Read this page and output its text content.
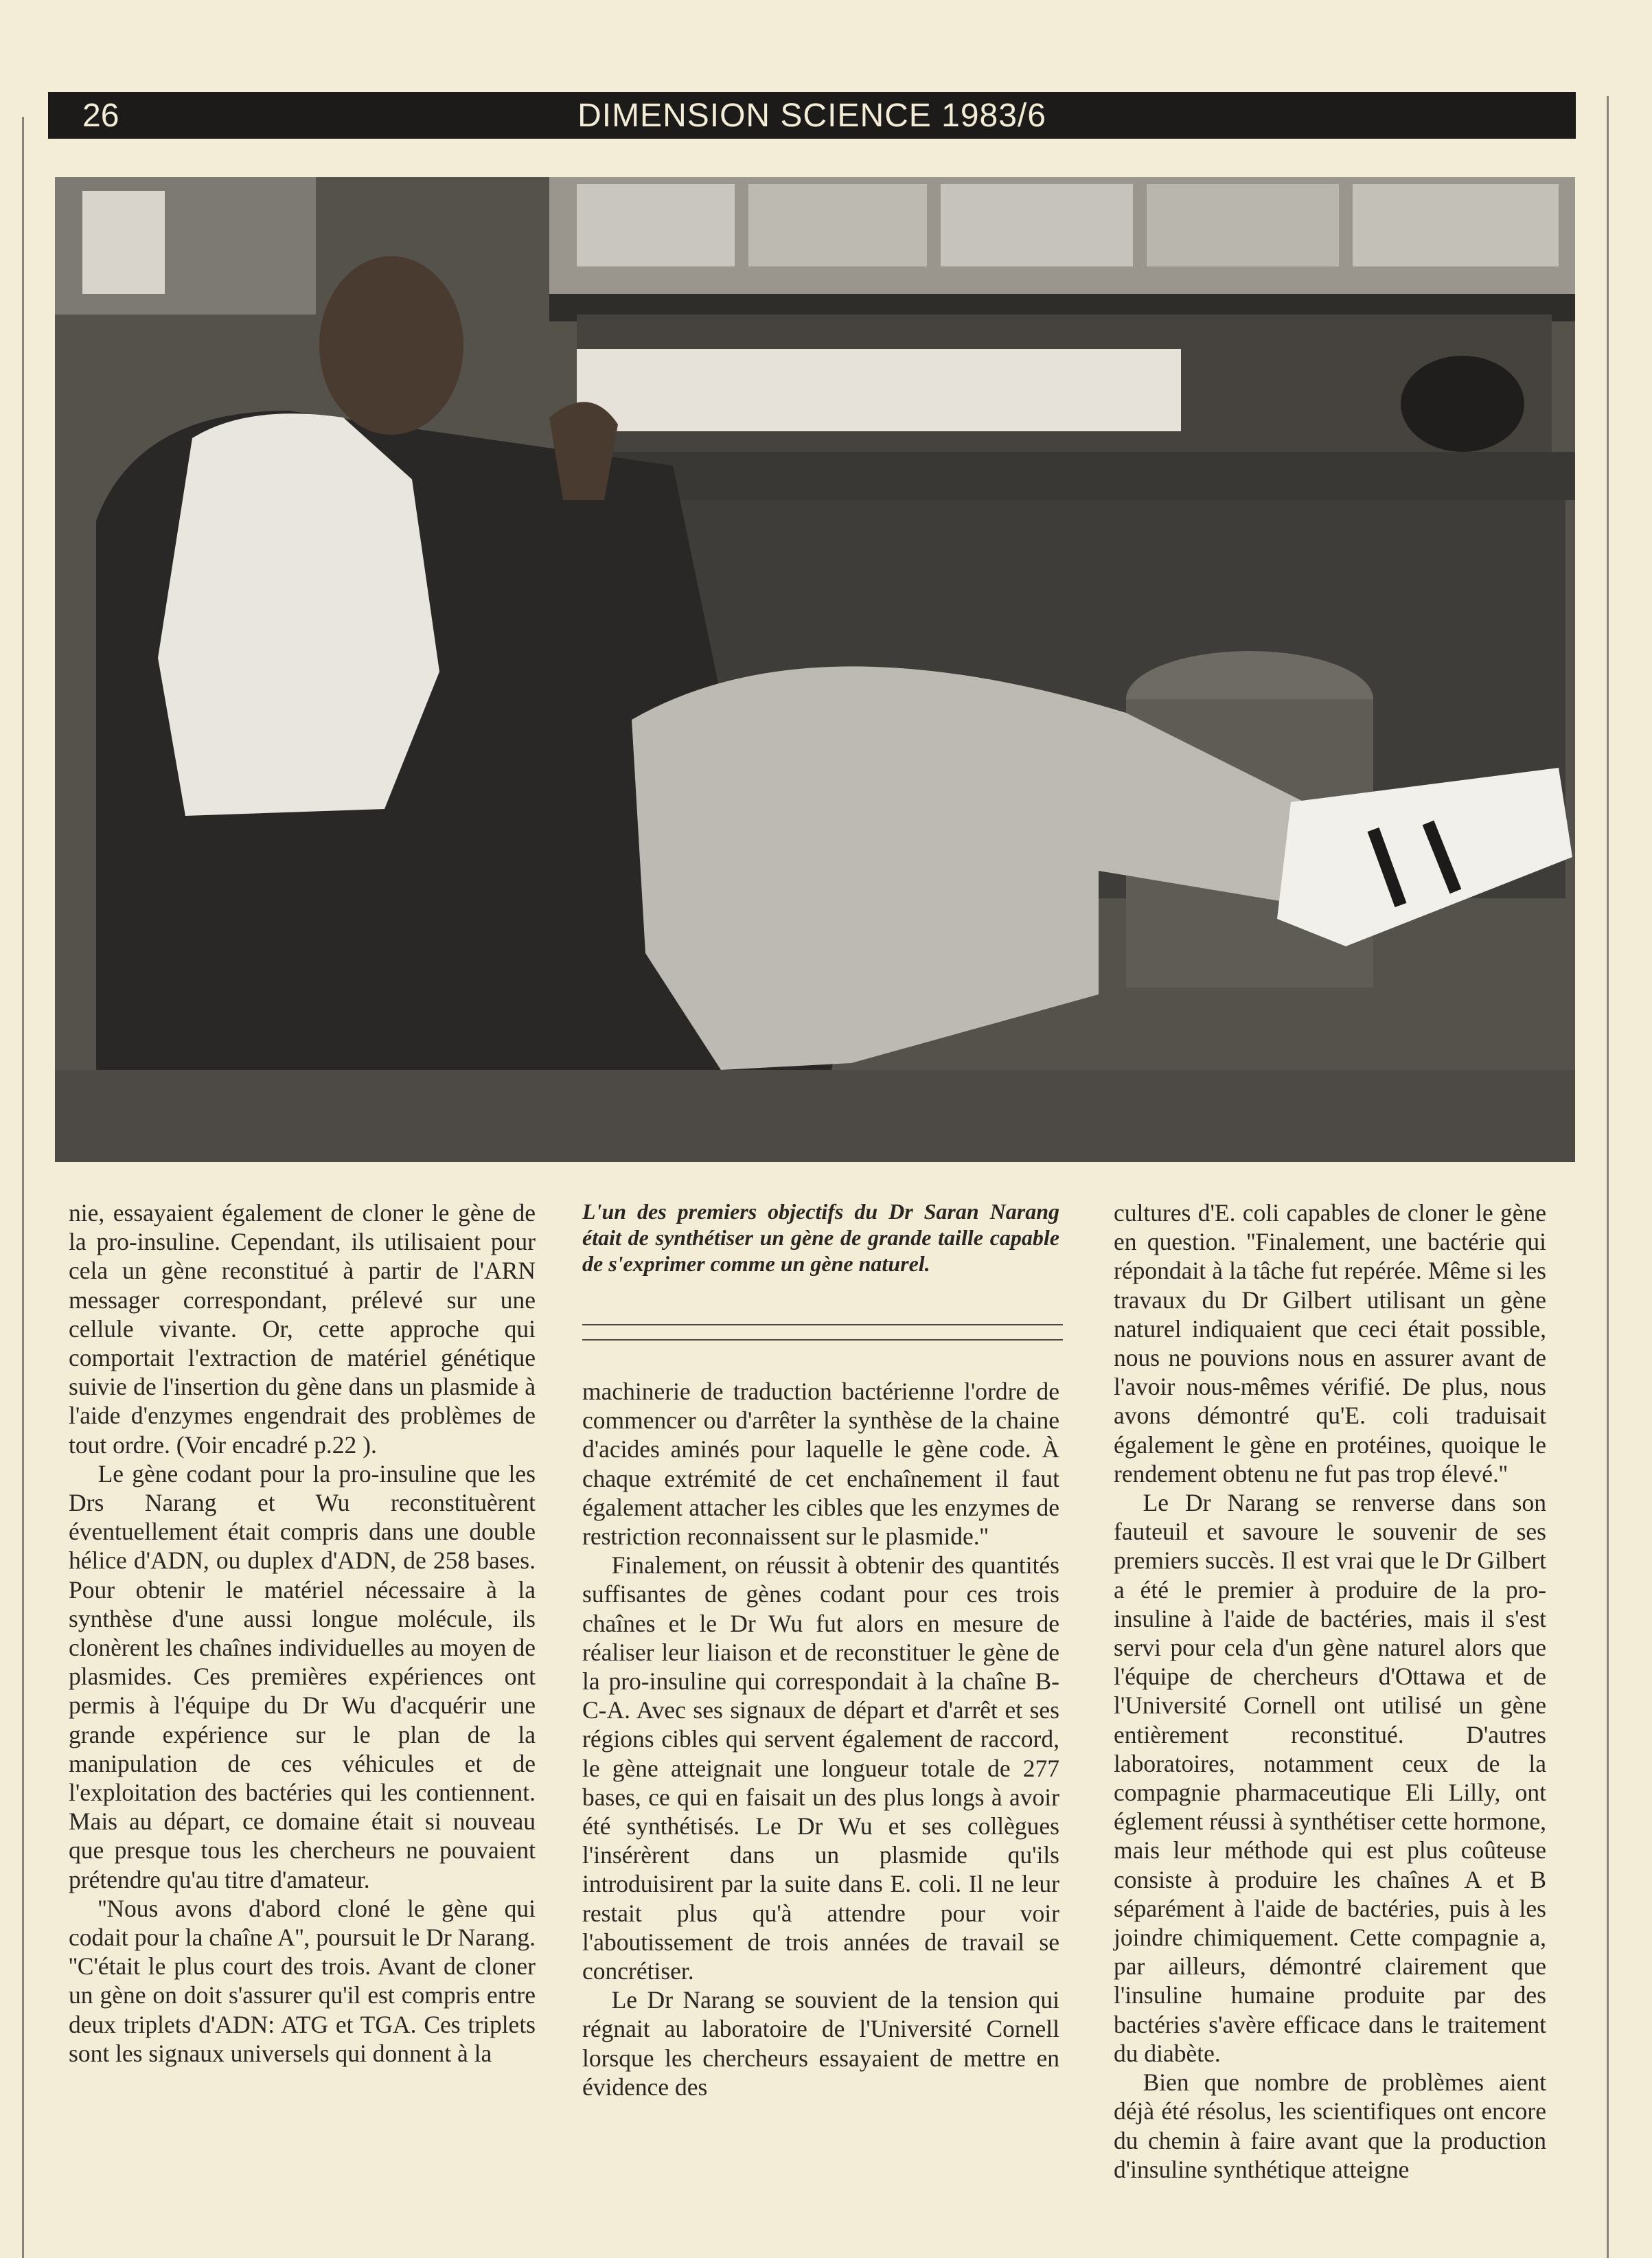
26	DIMENSION SCIENCE 1983/6

nie, essayaient également de cloner le gène de la pro-insuline. Cependant, ils utilisaient pour cela un gène reconstitué à partir de l'ARN messager correspondant, prélevé sur une cellule vivante. Or, cette approche qui comportait l'extraction de matériel génétique suivie de l'insertion du gène dans un plasmide à l'aide d'enzymes engendrait des problèmes de tout ordre. (Voir encadré p.22 ).

Le gène codant pour la pro-insuline que les Drs Narang et Wu reconstituèrent éventuellement était compris dans une double hélice d'ADN, ou duplex d'ADN, de 258 bases. Pour obtenir le matériel nécessaire à la synthèse d'une aussi longue molécule, ils clonèrent les chaînes individuelles au moyen de plasmides. Ces premières expériences ont permis à l'équipe du Dr Wu d'acquérir une grande expérience sur le plan de la manipulation de ces véhicules et de l'exploitation des bactéries qui les contiennent. Mais au départ, ce domaine était si nouveau que presque tous les chercheurs ne pouvaient prétendre qu'au titre d'amateur.

''Nous avons d'abord cloné le gène qui codait pour la chaîne A'', poursuit le Dr Narang. ''C'était le plus court des trois. Avant de cloner un gène on doit s'assurer qu'il est compris entre deux triplets d'ADN: ATG et TGA. Ces triplets sont les signaux universels qui donnent à la

L'un des premiers objectifs du Dr Saran Narang était de synthétiser un gène de grande taille capable de s'exprimer comme un gène naturel.

machinerie de traduction bactérienne l'ordre de commencer ou d'arrêter la synthèse de la chaine d'acides aminés pour laquelle le gène code. À chaque extrémité de cet enchaînement il faut également attacher les cibles que les enzymes de restriction reconnaissent sur le plasmide.''

Finalement, on réussit à obtenir des quantités suffisantes de gènes codant pour ces trois chaînes et le Dr Wu fut alors en mesure de réaliser leur liaison et de reconstituer le gène de la pro-insuline qui correspondait à la chaîne B-C-A. Avec ses signaux de départ et d'arrêt et ses régions cibles qui servent également de raccord, le gène atteignait une longueur totale de 277 bases, ce qui en faisait un des plus longs à avoir été synthétisés. Le Dr Wu et ses collègues l'insérèrent dans un plasmide qu'ils introduisirent par la suite dans E. coli. Il ne leur restait plus qu'à attendre pour voir l'aboutissement de trois années de travail se concrétiser.

Le Dr Narang se souvient de la tension qui régnait au laboratoire de l'Université Cornell lorsque les chercheurs essayaient de mettre en évidence des

cultures d'E. coli capables de cloner le gène en question. ''Finalement, une bactérie qui répondait à la tâche fut repérée. Même si les travaux du Dr Gilbert utilisant un gène naturel indiquaient que ceci était possible, nous ne pouvions nous en assurer avant de l'avoir nous-mêmes vérifié. De plus, nous avons démontré qu'E. coli traduisait également le gène en protéines, quoique le rendement obtenu ne fut pas trop élevé.''

Le Dr Narang se renverse dans son fauteuil et savoure le souvenir de ses premiers succès. Il est vrai que le Dr Gilbert a été le premier à produire de la pro-insuline à l'aide de bactéries, mais il s'est servi pour cela d'un gène naturel alors que l'équipe de chercheurs d'Ottawa et de l'Université Cornell ont utilisé un gène entièrement reconstitué. D'autres laboratoires, notamment ceux de la compagnie pharmaceutique Eli Lilly, ont églement réussi à synthétiser cette hormone, mais leur méthode qui est plus coûteuse consiste à produire les chaînes A et B séparément à l'aide de bactéries, puis à les joindre chimiquement. Cette compagnie a, par ailleurs, démontré clairement que l'insuline humaine produite par des bactéries s'avère efficace dans le traitement du diabète.

Bien que nombre de problèmes aient déjà été résolus, les scientifiques ont encore du chemin à faire avant que la production d'insuline synthétique atteigne
